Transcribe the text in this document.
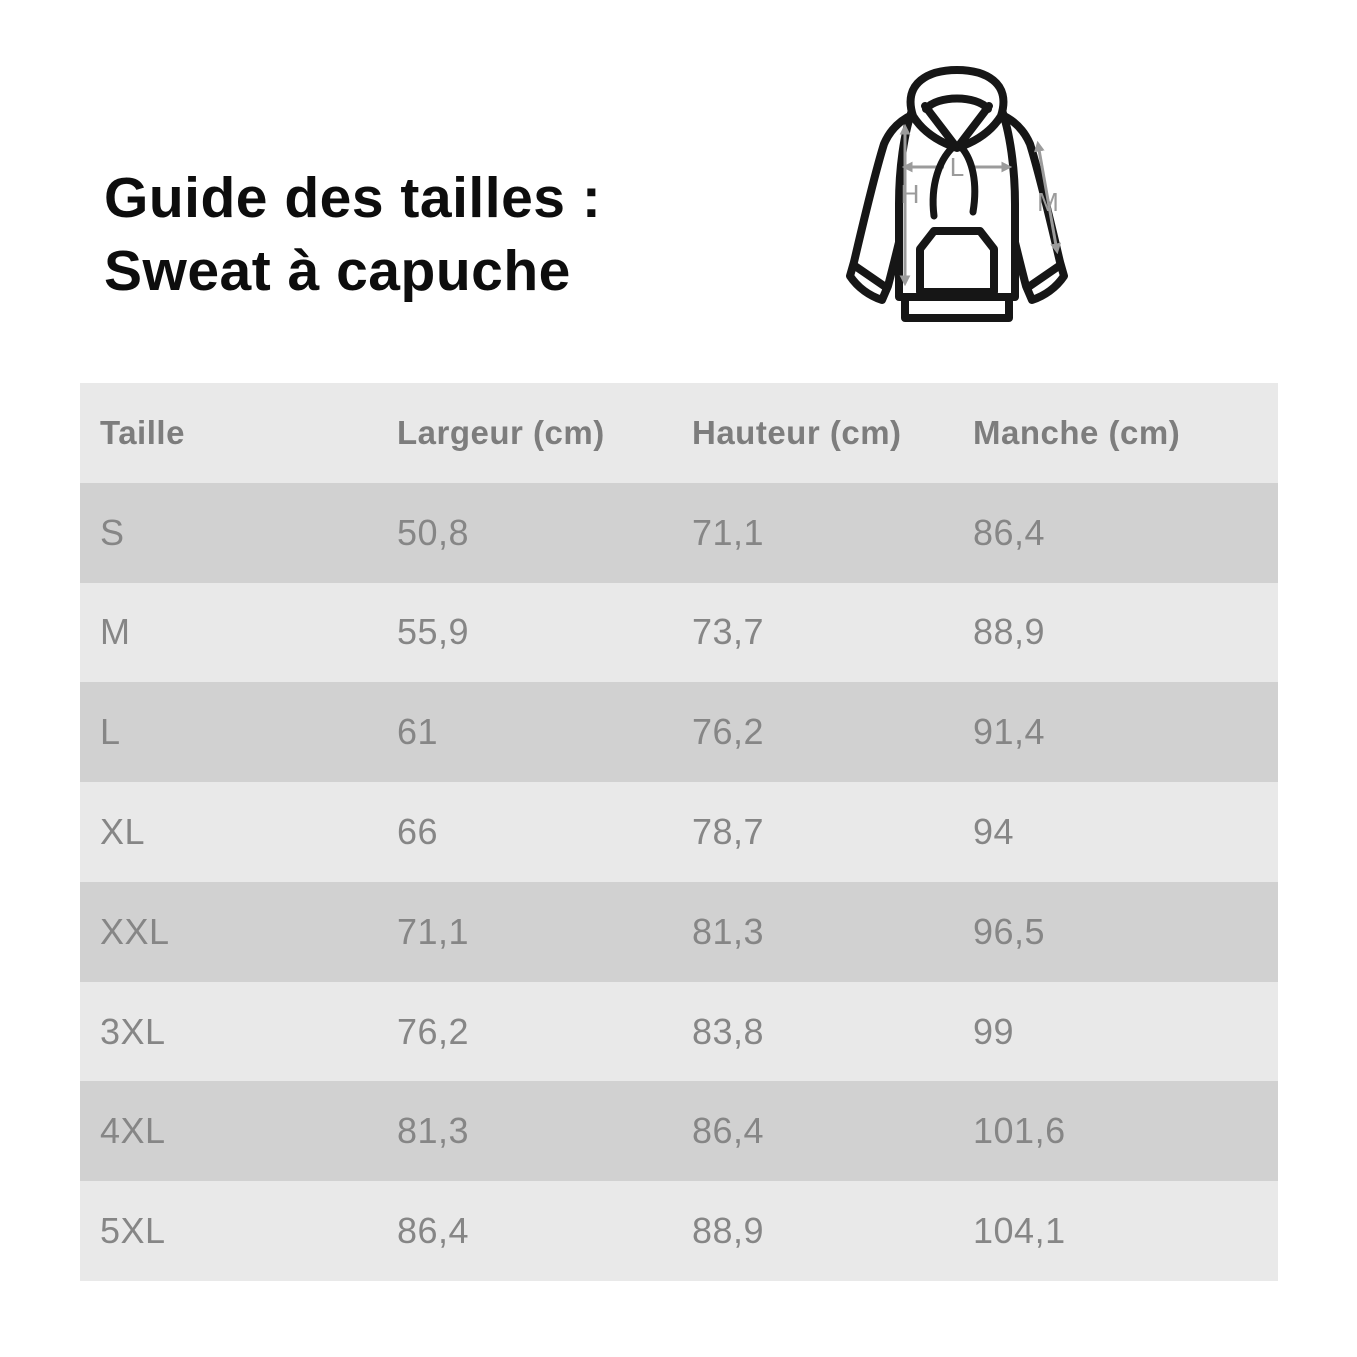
Guide des tailles :
Sweat à capuche
H
L
M
Taille	Largeur (cm)	Hauteur (cm)	Manche (cm)
S	50,8	71,1	86,4
M	55,9	73,7	88,9
L	61	76,2	91,4
XL	66	78,7	94
XXL	71,1	81,3	96,5
3XL	76,2	83,8	99
4XL	81,3	86,4	101,6
5XL	86,4	88,9	104,1
